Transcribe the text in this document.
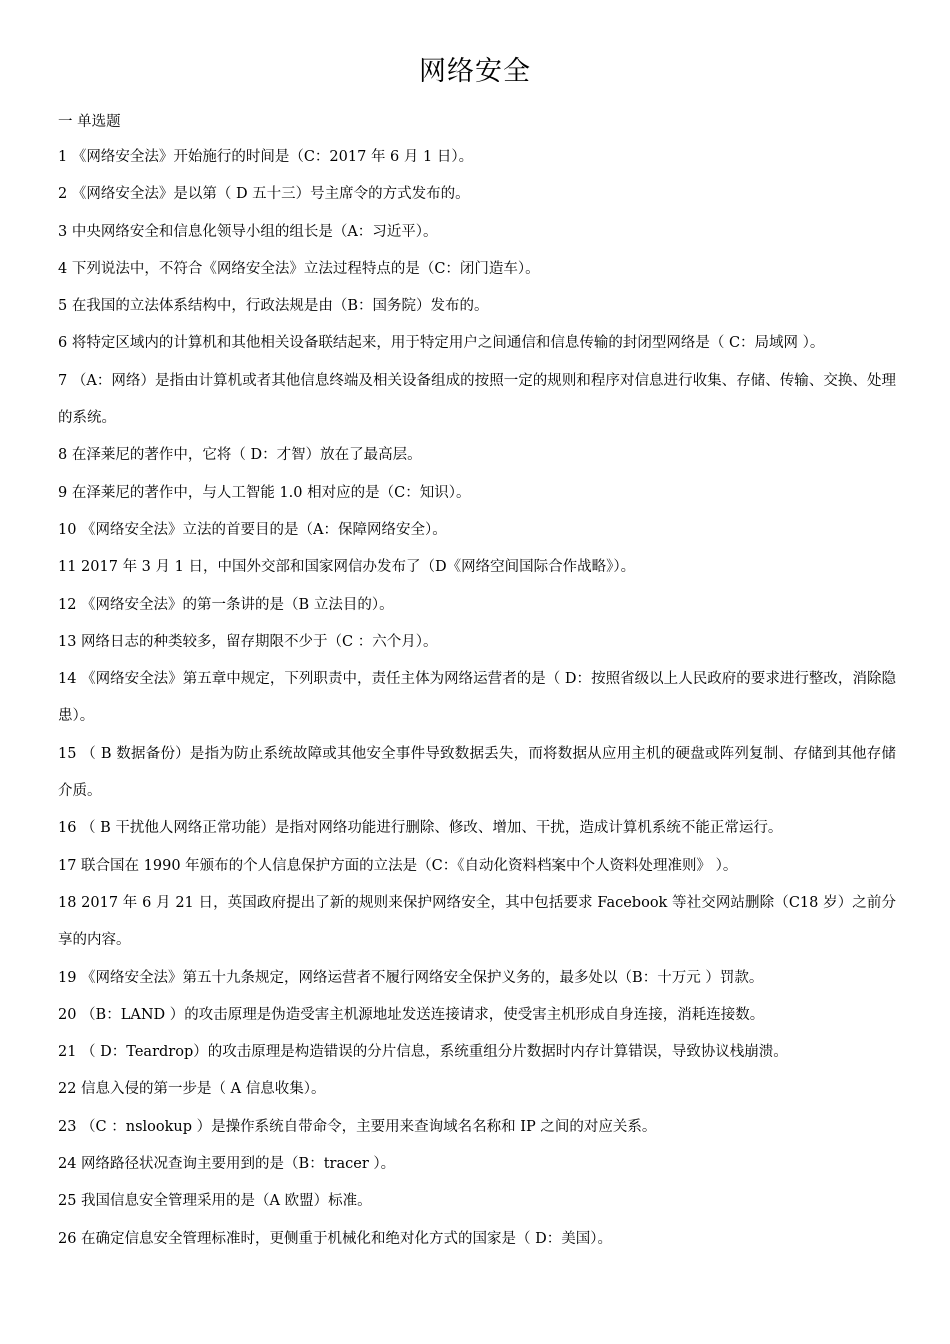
网络安全
一 单选题

1 《网络安全法》开始施行的时间是（C：2017 年 6 月 1 日）。

2 《网络安全法》是以第（ D 五十三）号主席令的方式发布的。

3 中央网络安全和信息化领导小组的组长是（A：习近平）。

4 下列说法中，不符合《网络安全法》立法过程特点的是（C：闭门造车）。

5 在我国的立法体系结构中，行政法规是由（B：国务院）发布的。

6 将特定区域内的计算机和其他相关设备联结起来，用于特定用户之间通信和信息传输的封闭型网络是（ C：局域网 ）。

7 （A：网络）是指由计算机或者其他信息终端及相关设备组成的按照一定的规则和程序对信息进行收集、存储、传输、交换、处理的系统。

8 在泽莱尼的著作中，它将（ D：才智）放在了最高层。

9 在泽莱尼的著作中，与人工智能 1.0 相对应的是（C：知识）。

10 《网络安全法》立法的首要目的是（A：保障网络安全）。

11 2017 年 3 月 1 日，中国外交部和国家网信办发布了（D《网络空间国际合作战略》）。

12 《网络安全法》的第一条讲的是（B 立法目的）。

13 网络日志的种类较多，留存期限不少于（C ：六个月）。

14 《网络安全法》第五章中规定，下列职责中，责任主体为网络运营者的是（ D：按照省级以上人民政府的要求进行整改，消除隐患）。

15 （ B 数据备份）是指为防止系统故障或其他安全事件导致数据丢失，而将数据从应用主机的硬盘或阵列复制、存储到其他存储介质。

16 （ B 干扰他人网络正常功能）是指对网络功能进行删除、修改、增加、干扰，造成计算机系统不能正常运行。

17 联合国在 1990 年颁布的个人信息保护方面的立法是（C：《自动化资料档案中个人资料处理准则》 ）。

18 2017 年 6 月 21 日，英国政府提出了新的规则来保护网络安全，其中包括要求 Facebook 等社交网站删除（C18 岁）之前分享的内容。

19 《网络安全法》第五十九条规定，网络运营者不履行网络安全保护义务的，最多处以（B：十万元 ）罚款。

20 （B：LAND ）的攻击原理是伪造受害主机源地址发送连接请求，使受害主机形成自身连接，消耗连接数。

21 （ D：Teardrop）的攻击原理是构造错误的分片信息，系统重组分片数据时内存计算错误，导致协议栈崩溃。

22 信息入侵的第一步是（ A 信息收集）。

23 （C ：nslookup ）是操作系统自带命令，主要用来查询域名名称和 IP 之间的对应关系。

24 网络路径状况查询主要用到的是（B：tracer ）。

25 我国信息安全管理采用的是（A 欧盟）标准。

26 在确定信息安全管理标准时，更侧重于机械化和绝对化方式的国家是（ D：美国）。
